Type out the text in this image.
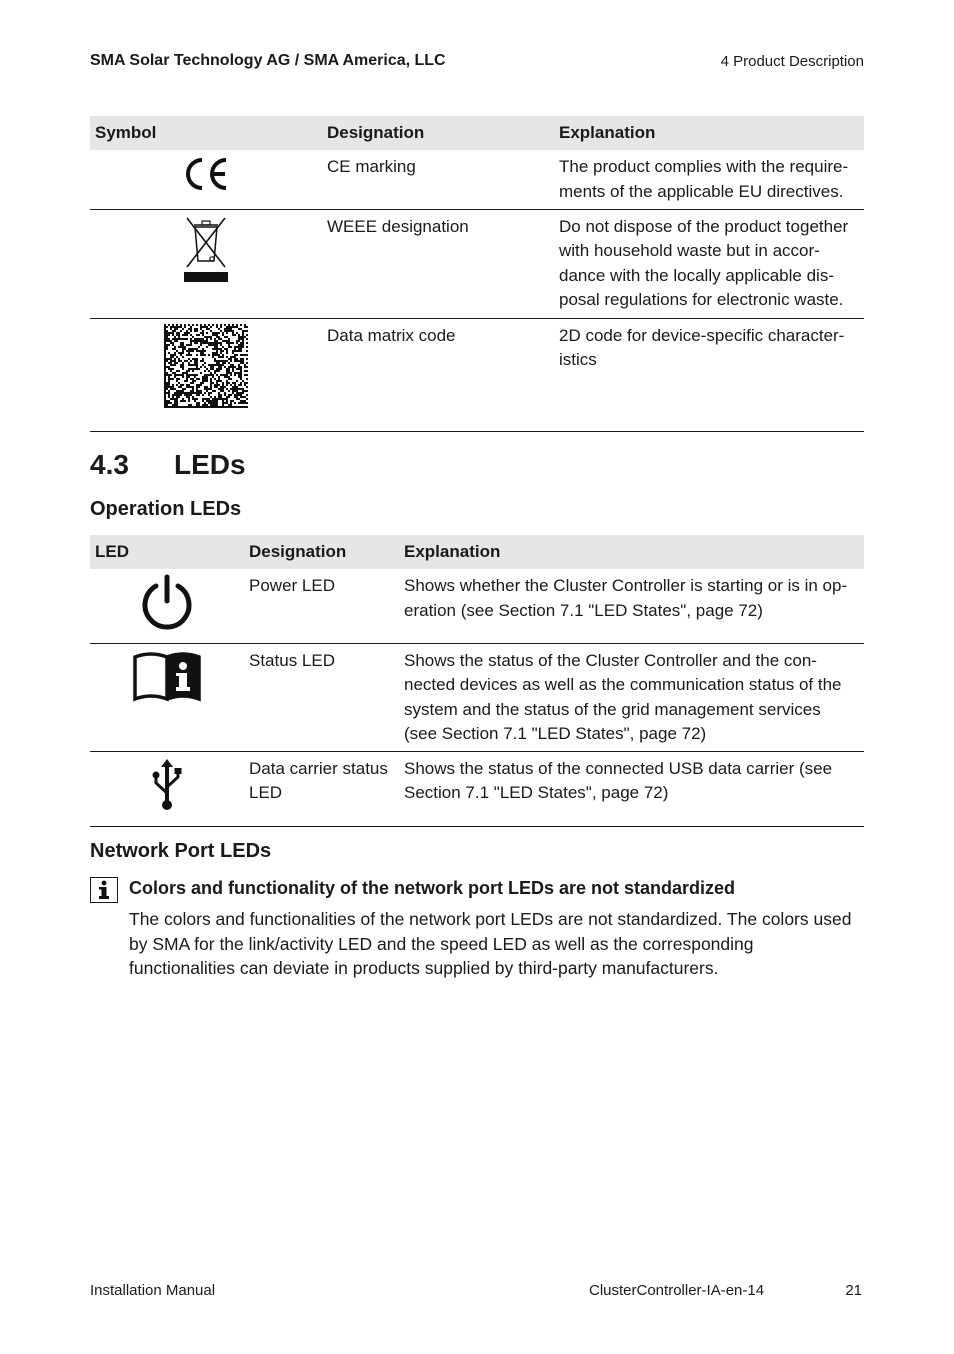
SMA Solar Technology AG / SMA America, LLC	4 Product Description
Symbol	Designation	Explanation
	CE marking	The product complies with the require-
ments of the applicable EU directives.
	WEEE designation	Do not dispose of the product together
with household waste but in accor-
dance with the locally applicable dis-
posal regulations for electronic waste.
	Data matrix code	2D code for device-specific character-
istics
4.3 LEDs
Operation LEDs
LED	Designation	Explanation
	Power LED	Shows whether the Cluster Controller is starting or is in op-
eration (see Section 7.1 "LED States", page 72)
	Status LED	Shows the status of the Cluster Controller and the con-
nected devices as well as the communication status of the
system and the status of the grid management services
(see Section 7.1 "LED States", page 72)
	Data carrier status
LED	Shows the status of the connected USB data carrier (see
Section 7.1 "LED States", page 72)
Network Port LEDs
Colors and functionality of the network port LEDs are not standardized
The colors and functionalities of the network port LEDs are not standardized. The colors used
by SMA for the link/activity LED and the speed LED as well as the corresponding
functionalities can deviate in products supplied by third-party manufacturers.
Installation Manual	ClusterController-IA-en-14	21
